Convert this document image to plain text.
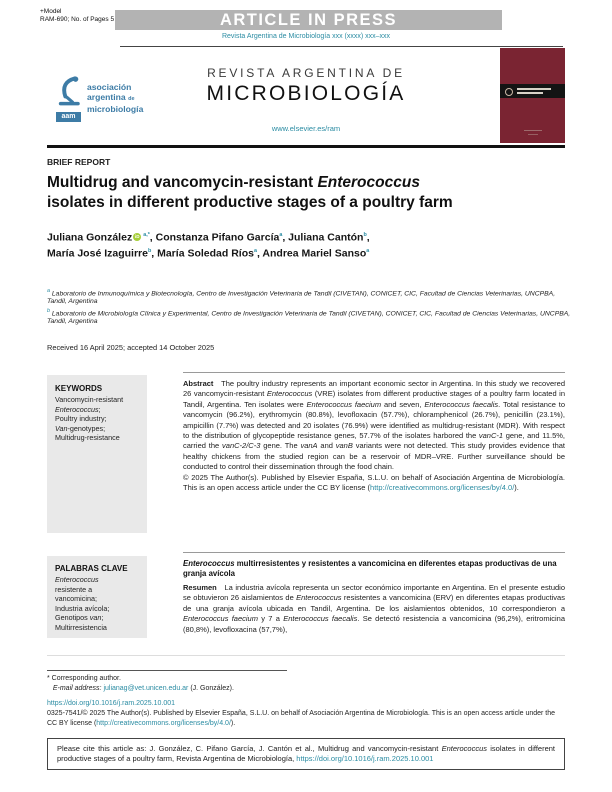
+Model
RAM-690; No. of Pages 5	ARTICLE IN PRESS
Revista Argentina de Microbiología xxx (xxxx) xxx–xxx
aam
asociación
argentina de
microbiología
REVISTA ARGENTINA DE
MICROBIOLOGÍA
www.elsevier.es/ram
BRIEF REPORT
Multidrug and vancomycin-resistant Enterococcus
isolates in different productive stages of a poultry farm
Juliana González iD $^{a,*}$, Constanza Pifano García$^a$, Juliana Cantón$^b$,
María José Izaguirre$^b$, María Soledad Ríos$^a$, Andrea Mariel Sanso$^a$
$^a$ Laboratorio de Inmunoquímica y Biotecnología, Centro de Investigación Veterinaria de Tandil (CIVETAN), CONICET, CIC, Facultad de Ciencias Veterinarias, UNCPBA, Tandil, Argentina
$^b$ Laboratorio de Microbiología Clínica y Experimental, Centro de Investigación Veterinaria de Tandil (CIVETAN), CONICET, CIC, Facultad de Ciencias Veterinarias, UNCPBA, Tandil, Argentina
Received 16 April 2025; accepted 14 October 2025
KEYWORDS
Vancomycin-resistant
Enterococcus;
Poultry industry;
Van-genotypes;
Multidrug-resistance
Abstract   The poultry industry represents an important economic sector in Argentina. In this study we recovered 26 vancomycin-resistant Enterococcus (VRE) isolates from different productive stages of a poultry farm located in Tandil, Argentina. Ten isolates were Enterococcus faecium and seven, Enterococcus faecalis. Total resistance to vancomycin (96.2%), erythromycin (80.8%), levofloxacin (57.7%), chloramphenicol (26.7%), penicillin (23.1%), ampicillin (7.7%) was detected and 20 isolates (76.9%) were identified as multidrug-resistant (MDR). With respect to the distribution of glycopeptide resistance genes, 57.7% of the isolates harbored the vanC-1 gene, and 11.5%, carried the vanC-2/C-3 gene. The vanA and vanB variants were not detected. This study provides evidence that healthy chickens from the studied region can be a reservoir of MDR–VRE. Further surveillance should be conducted to control their dissemination through the food chain.
© 2025 The Author(s). Published by Elsevier España, S.L.U. on behalf of Asociación Argentina de Microbiología. This is an open access article under the CC BY license (http://creativecommons.org/licenses/by/4.0/).
PALABRAS CLAVE
Enterococcus
resistente a
vancomicina;
Industria avícola;
Genotipos van;
Multirresistencia
Enterococcus multirresistentes y resistentes a vancomicina en diferentes etapas productivas de una granja avícola
Resumen   La industria avícola representa un sector económico importante en Argentina. En el presente estudio se obtuvieron 26 aislamientos de Enterococcus resistentes a vancomicina (ERV) en diferentes etapas productivas de una granja avícola ubicada en Tandil, Argentina. De los aislamientos obtenidos, 10 correspondieron a Enterococcus faecium y 7 a Enterococcus faecalis. Se detectó resistencia a vancomicina (96,2%), eritromicina (80,8%), levofloxacina (57,7%),
* Corresponding author.
E-mail address: julianag@vet.unicen.edu.ar (J. González).
https://doi.org/10.1016/j.ram.2025.10.001
0325-7541/© 2025 The Author(s). Published by Elsevier España, S.L.U. on behalf of Asociación Argentina de Microbiología. This is an open access article under the CC BY license (http://creativecommons.org/licenses/by/4.0/).
Please cite this article as: J. González, C. Pifano García, J. Cantón et al., Multidrug and vancomycin-resistant Enterococcus isolates in different productive stages of a poultry farm, Revista Argentina de Microbiología, https://doi.org/10.1016/j.ram.2025.10.001
